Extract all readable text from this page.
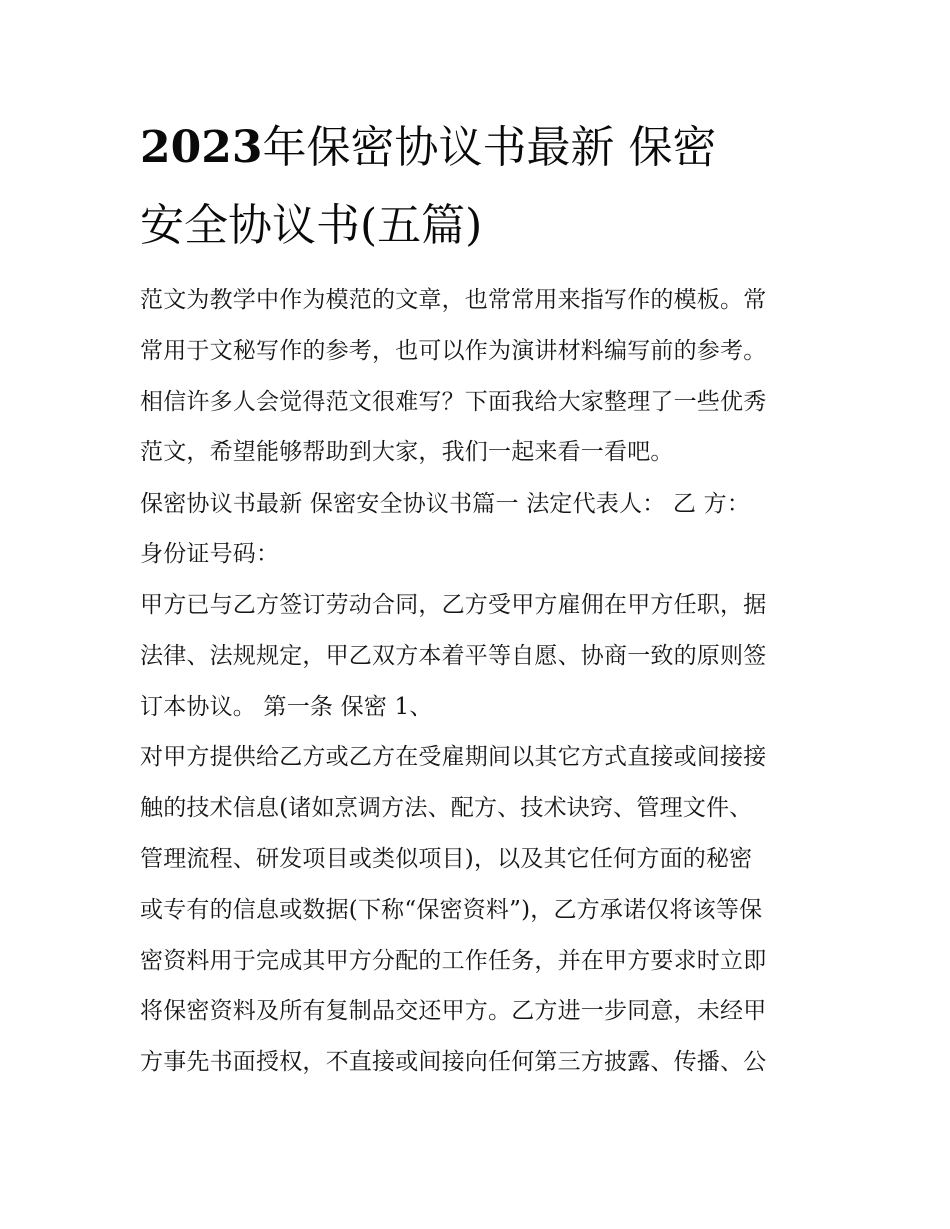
2023年保密协议书最新 保密
安全协议书(五篇)
范文为教学中作为模范的文章，也常常用来指写作的模板。常
常用于文秘写作的参考，也可以作为演讲材料编写前的参考。
相信许多人会觉得范文很难写？下面我给大家整理了一些优秀
范文，希望能够帮助到大家，我们一起来看一看吧。
保密协议书最新 保密安全协议书篇一 法定代表人： 乙 方：
身份证号码：
甲方已与乙方签订劳动合同，乙方受甲方雇佣在甲方任职，据
法律、法规规定，甲乙双方本着平等自愿、协商一致的原则签
订本协议。 第一条 保密 1、
对甲方提供给乙方或乙方在受雇期间以其它方式直接或间接接
触的技术信息(诸如烹调方法、配方、技术诀窍、管理文件、
管理流程、研发项目或类似项目)，以及其它任何方面的秘密
或专有的信息或数据(下称“保密资料”)，乙方承诺仅将该等保
密资料用于完成其甲方分配的工作任务，并在甲方要求时立即
将保密资料及所有复制品交还甲方。乙方进一步同意，未经甲
方事先书面授权，不直接或间接向任何第三方披露、传播、公
